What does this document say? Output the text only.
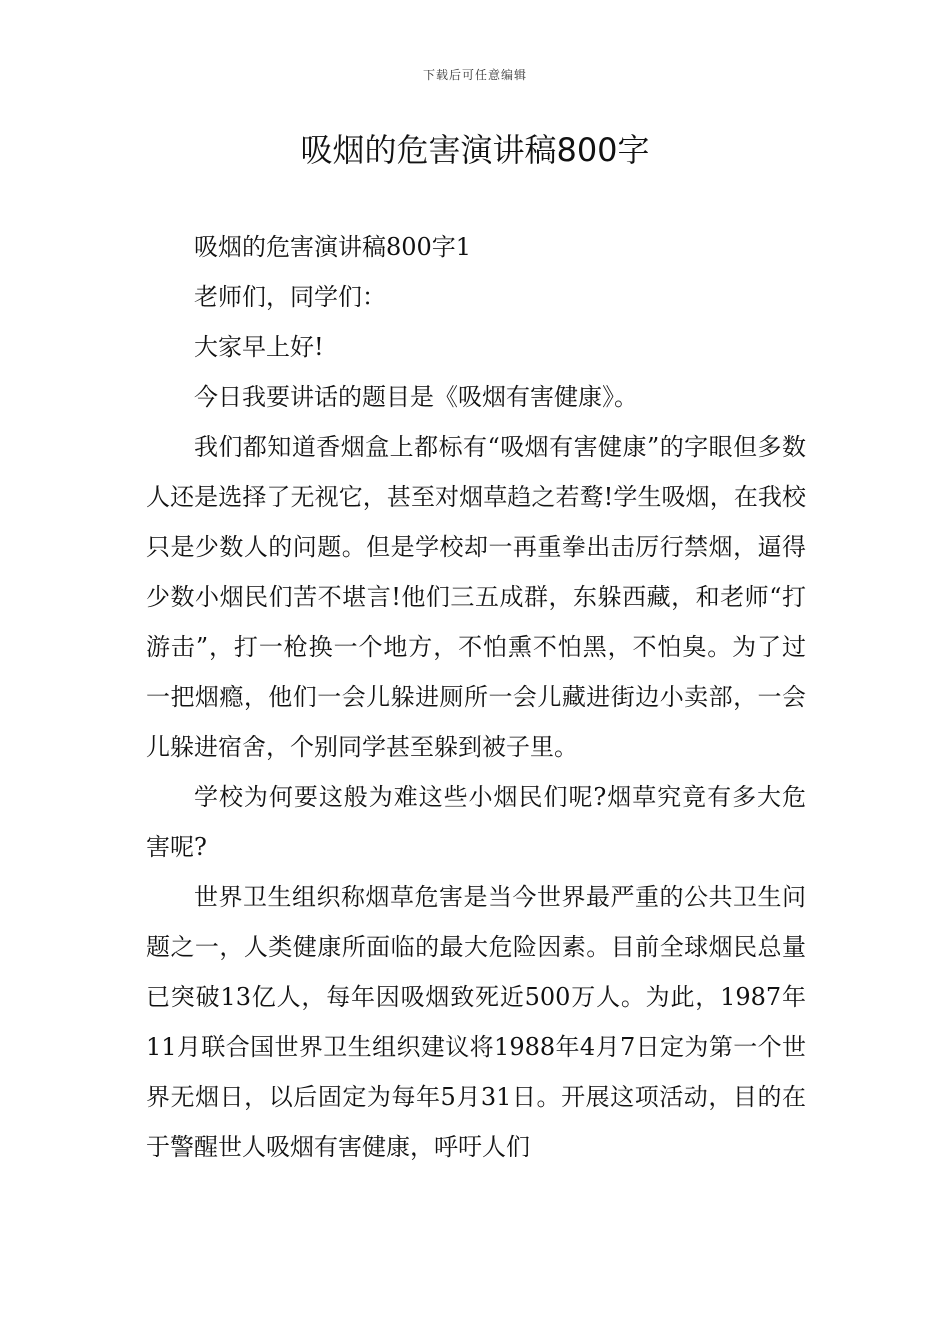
下载后可任意编辑
吸烟的危害演讲稿800字

吸烟的危害演讲稿800字1

老师们，同学们：

大家早上好!

今日我要讲话的题目是《吸烟有害健康》。

我们都知道香烟盒上都标有“吸烟有害健康”的字眼但多数人还是选择了无视它，甚至对烟草趋之若鹜!学生吸烟，在我校只是少数人的问题。但是学校却一再重拳出击厉行禁烟，逼得少数小烟民们苦不堪言!他们三五成群，东躲西藏，和老师“打游击”，打一枪换一个地方，不怕熏不怕黑，不怕臭。为了过一把烟瘾，他们一会儿躲进厕所一会儿藏进街边小卖部，一会儿躲进宿舍，个别同学甚至躲到被子里。

学校为何要这般为难这些小烟民们呢?烟草究竟有多大危害呢?

世界卫生组织称烟草危害是当今世界最严重的公共卫生问题之一，人类健康所面临的最大危险因素。目前全球烟民总量已突破13亿人，每年因吸烟致死近500万人。为此，1987年11月联合国世界卫生组织建议将1988年4月7日定为第一个世界无烟日，以后固定为每年5月31日。开展这项活动，目的在于警醒世人吸烟有害健康，呼吁人们
